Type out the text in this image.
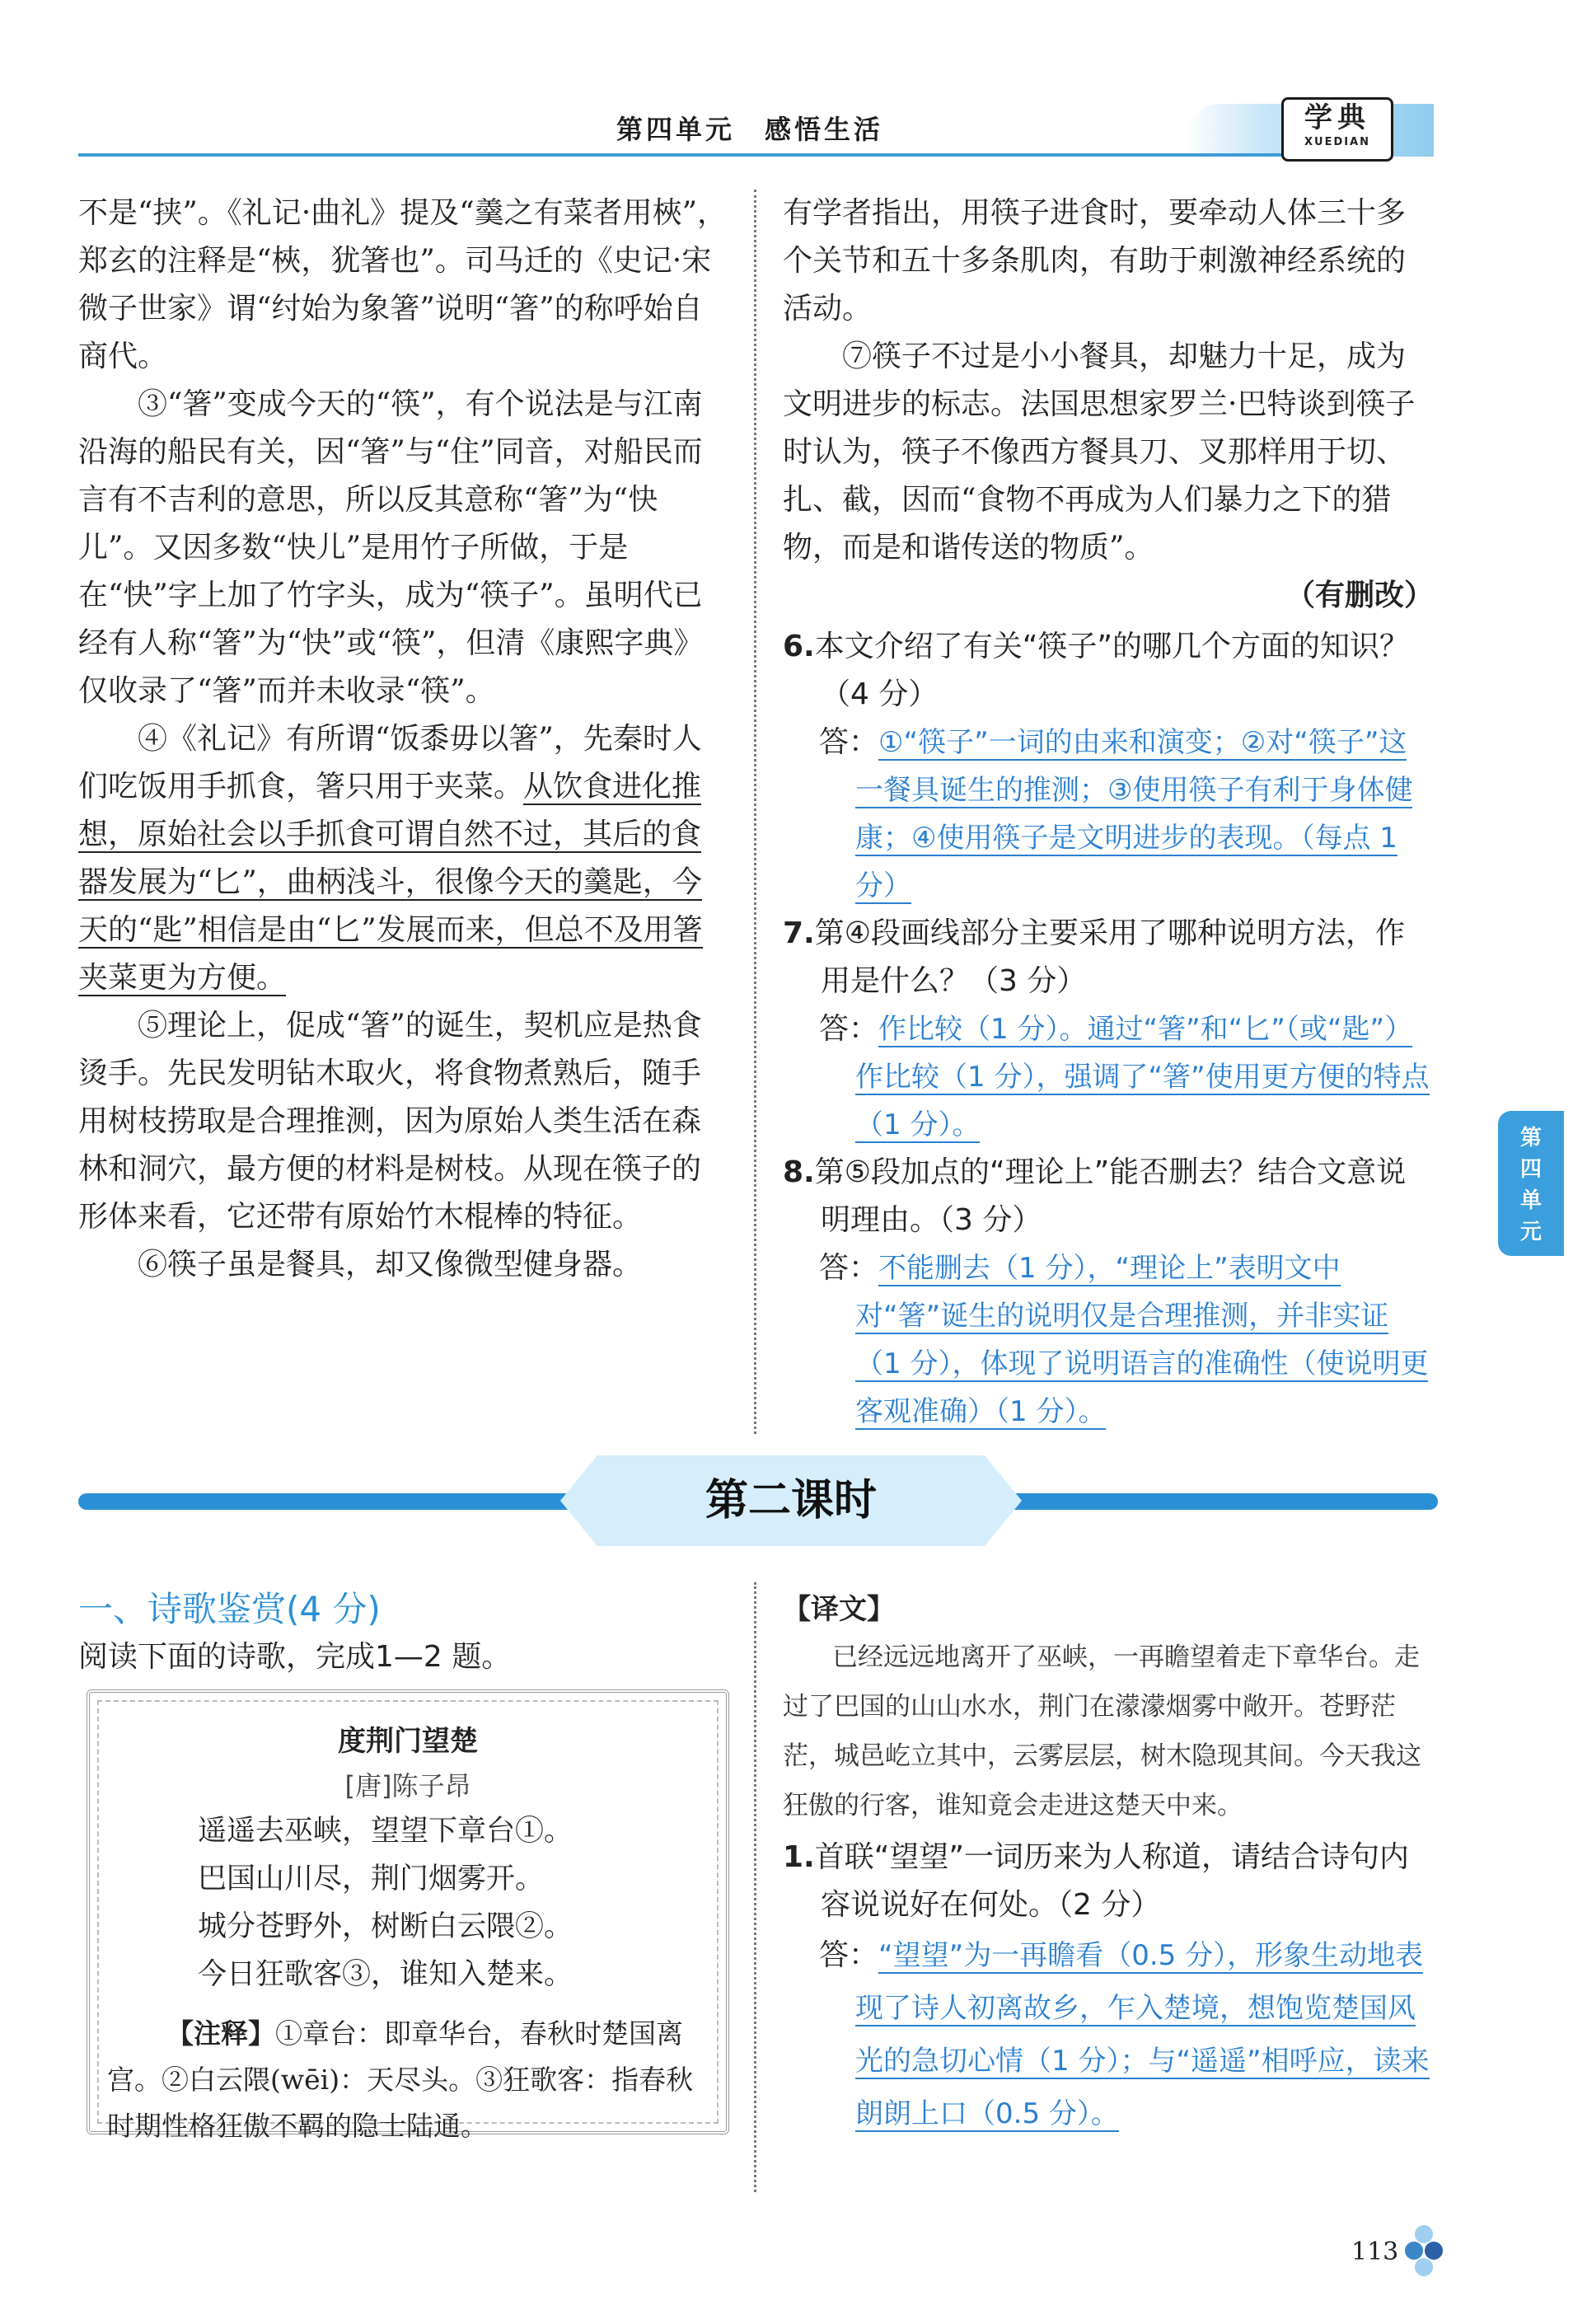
第四单元　感悟生活	学典
XUEDIAN
第
四
单
元

不是“挟”。《礼记·曲礼》提及“羹之有菜者用梜”，郑玄的注释是“梜，犹箸也”。司马迁的《史记·宋微子世家》谓“纣始为象箸”说明“箸”的称呼始自商代。

③“箸”变成今天的“筷”，有个说法是与江南沿海的船民有关，因“箸”与“住”同音，对船民而言有不吉利的意思，所以反其意称“箸”为“快儿”。又因多数“快儿”是用竹子所做，于是在“快”字上加了竹字头，成为“筷子”。虽明代已经有人称“箸”为“快”或“筷”，但清《康熙字典》仅收录了“箸”而并未收录“筷”。

④《礼记》有所谓“饭黍毋以箸”，先秦时人们吃饭用手抓食，箸只用于夹菜。从饮食进化推想，原始社会以手抓食可谓自然不过，其后的食器发展为“匕”，曲柄浅斗，很像今天的羹匙，今天的“匙”相信是由“匕”发展而来，但总不及用箸夹菜更为方便。

⑤理论上，促成“箸”的诞生，契机应是热食烫手。先民发明钻木取火，将食物煮熟后，随手用树枝捞取是合理推测，因为原始人类生活在森林和洞穴，最方便的材料是树枝。从现在筷子的形体来看，它还带有原始竹木棍棒的特征。

⑥筷子虽是餐具，却又像微型健身器。

有学者指出，用筷子进食时，要牵动人体三十多个关节和五十多条肌肉，有助于刺激神经系统的活动。

⑦筷子不过是小小餐具，却魅力十足，成为文明进步的标志。法国思想家罗兰·巴特谈到筷子时认为，筷子不像西方餐具刀、叉那样用于切、扎、截，因而“食物不再成为人们暴力之下的猎物，而是和谐传送的物质”。

（有删改）

6.本文介绍了有关“筷子”的哪几个方面的知识？（4 分）

答：①“筷子”一词的由来和演变；②对“筷子”这一餐具诞生的推测；③使用筷子有利于身体健康；④使用筷子是文明进步的表现。（每点 1 分）

7.第④段画线部分主要采用了哪种说明方法，作用是什么？（3 分）

答：作比较（1 分）。通过“箸”和“匕”（或“匙”）作比较（1 分），强调了“箸”使用更方便的特点（1 分）。

8.第⑤段加点的“理论上”能否删去？结合文意说明理由。（3 分）

答：不能删去（1 分），“理论上”表明文中对“箸”诞生的说明仅是合理推测，并非实证（1 分），体现了说明语言的准确性（使说明更客观准确）（1 分）。

第二课时
一、诗歌鉴赏(4 分)
阅读下面的诗歌，完成1—2 题。
度荆门望楚
[唐]陈子昂
遥遥去巫峡，望望下章台①。
巴国山川尽，荆门烟雾开。
城分苍野外，树断白云隈②。
今日狂歌客③，谁知入楚来。
【注释】①章台：即章华台，春秋时楚国离宫。②白云隈(wēi)：天尽头。③狂歌客：指春秋时期性格狂傲不羁的隐士陆通。
【译文】

已经远远地离开了巫峡，一再瞻望着走下章华台。走过了巴国的山山水水，荆门在濛濛烟雾中敞开。苍野茫茫，城邑屹立其中，云雾层层，树木隐现其间。今天我这狂傲的行客，谁知竟会走进这楚天中来。

1.首联“望望”一词历来为人称道，请结合诗句内容说说好在何处。（2 分）

答：“望望”为一再瞻看（0.5 分），形象生动地表现了诗人初离故乡，乍入楚境，想饱览楚国风光的急切心情（1 分）；与“遥遥”相呼应，读来朗朗上口（0.5 分）。

113
